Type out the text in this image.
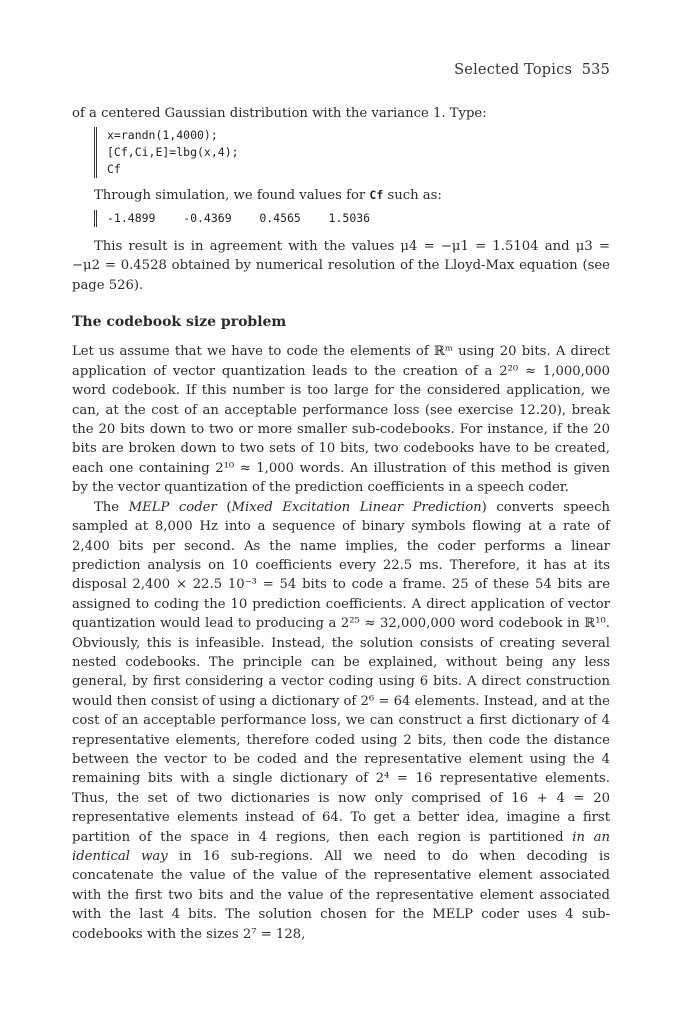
Selected Topics 535

of a centered Gaussian distribution with the variance 1. Type:

x=randn(1,4000);
[Cf,Ci,E]=lbg(x,4);
Cf

Through simulation, we found values for Cf such as:

-1.4899    -0.4369    0.4565    1.5036

This result is in agreement with the values μ4 = −μ1 = 1.5104 and μ3 = −μ2 = 0.4528 obtained by numerical resolution of the Lloyd-Max equation (see page 526).

The codebook size problem

Let us assume that we have to code the elements of ℝᵐ using 20 bits. A direct application of vector quantization leads to the creation of a 2²⁰ ≈ 1,000,000 word codebook. If this number is too large for the considered application, we can, at the cost of an acceptable performance loss (see exercise 12.20), break the 20 bits down to two or more smaller sub-codebooks. For instance, if the 20 bits are broken down to two sets of 10 bits, two codebooks have to be created, each one containing 2¹⁰ ≈ 1,000 words. An illustration of this method is given by the vector quantization of the prediction coefficients in a speech coder.

The MELP coder (Mixed Excitation Linear Prediction) converts speech sampled at 8,000 Hz into a sequence of binary symbols flowing at a rate of 2,400 bits per second. As the name implies, the coder performs a linear prediction analysis on 10 coefficients every 22.5 ms. Therefore, it has at its disposal 2,400 × 22.5 10⁻³ = 54 bits to code a frame. 25 of these 54 bits are assigned to coding the 10 prediction coefficients. A direct application of vector quantization would lead to producing a 2²⁵ ≈ 32,000,000 word codebook in ℝ¹⁰. Obviously, this is infeasible. Instead, the solution consists of creating several nested codebooks. The principle can be explained, without being any less general, by first considering a vector coding using 6 bits. A direct construction would then consist of using a dictionary of 2⁶ = 64 elements. Instead, and at the cost of an acceptable performance loss, we can construct a first dictionary of 4 representative elements, therefore coded using 2 bits, then code the distance between the vector to be coded and the representative element using the 4 remaining bits with a single dictionary of 2⁴ = 16 representative elements. Thus, the set of two dictionaries is now only comprised of 16 + 4 = 20 representative elements instead of 64. To get a better idea, imagine a first partition of the space in 4 regions, then each region is partitioned in an identical way in 16 sub-regions. All we need to do when decoding is concatenate the value of the value of the representative element associated with the first two bits and the value of the representative element associated with the last 4 bits. The solution chosen for the MELP coder uses 4 sub-codebooks with the sizes 2⁷ = 128,
